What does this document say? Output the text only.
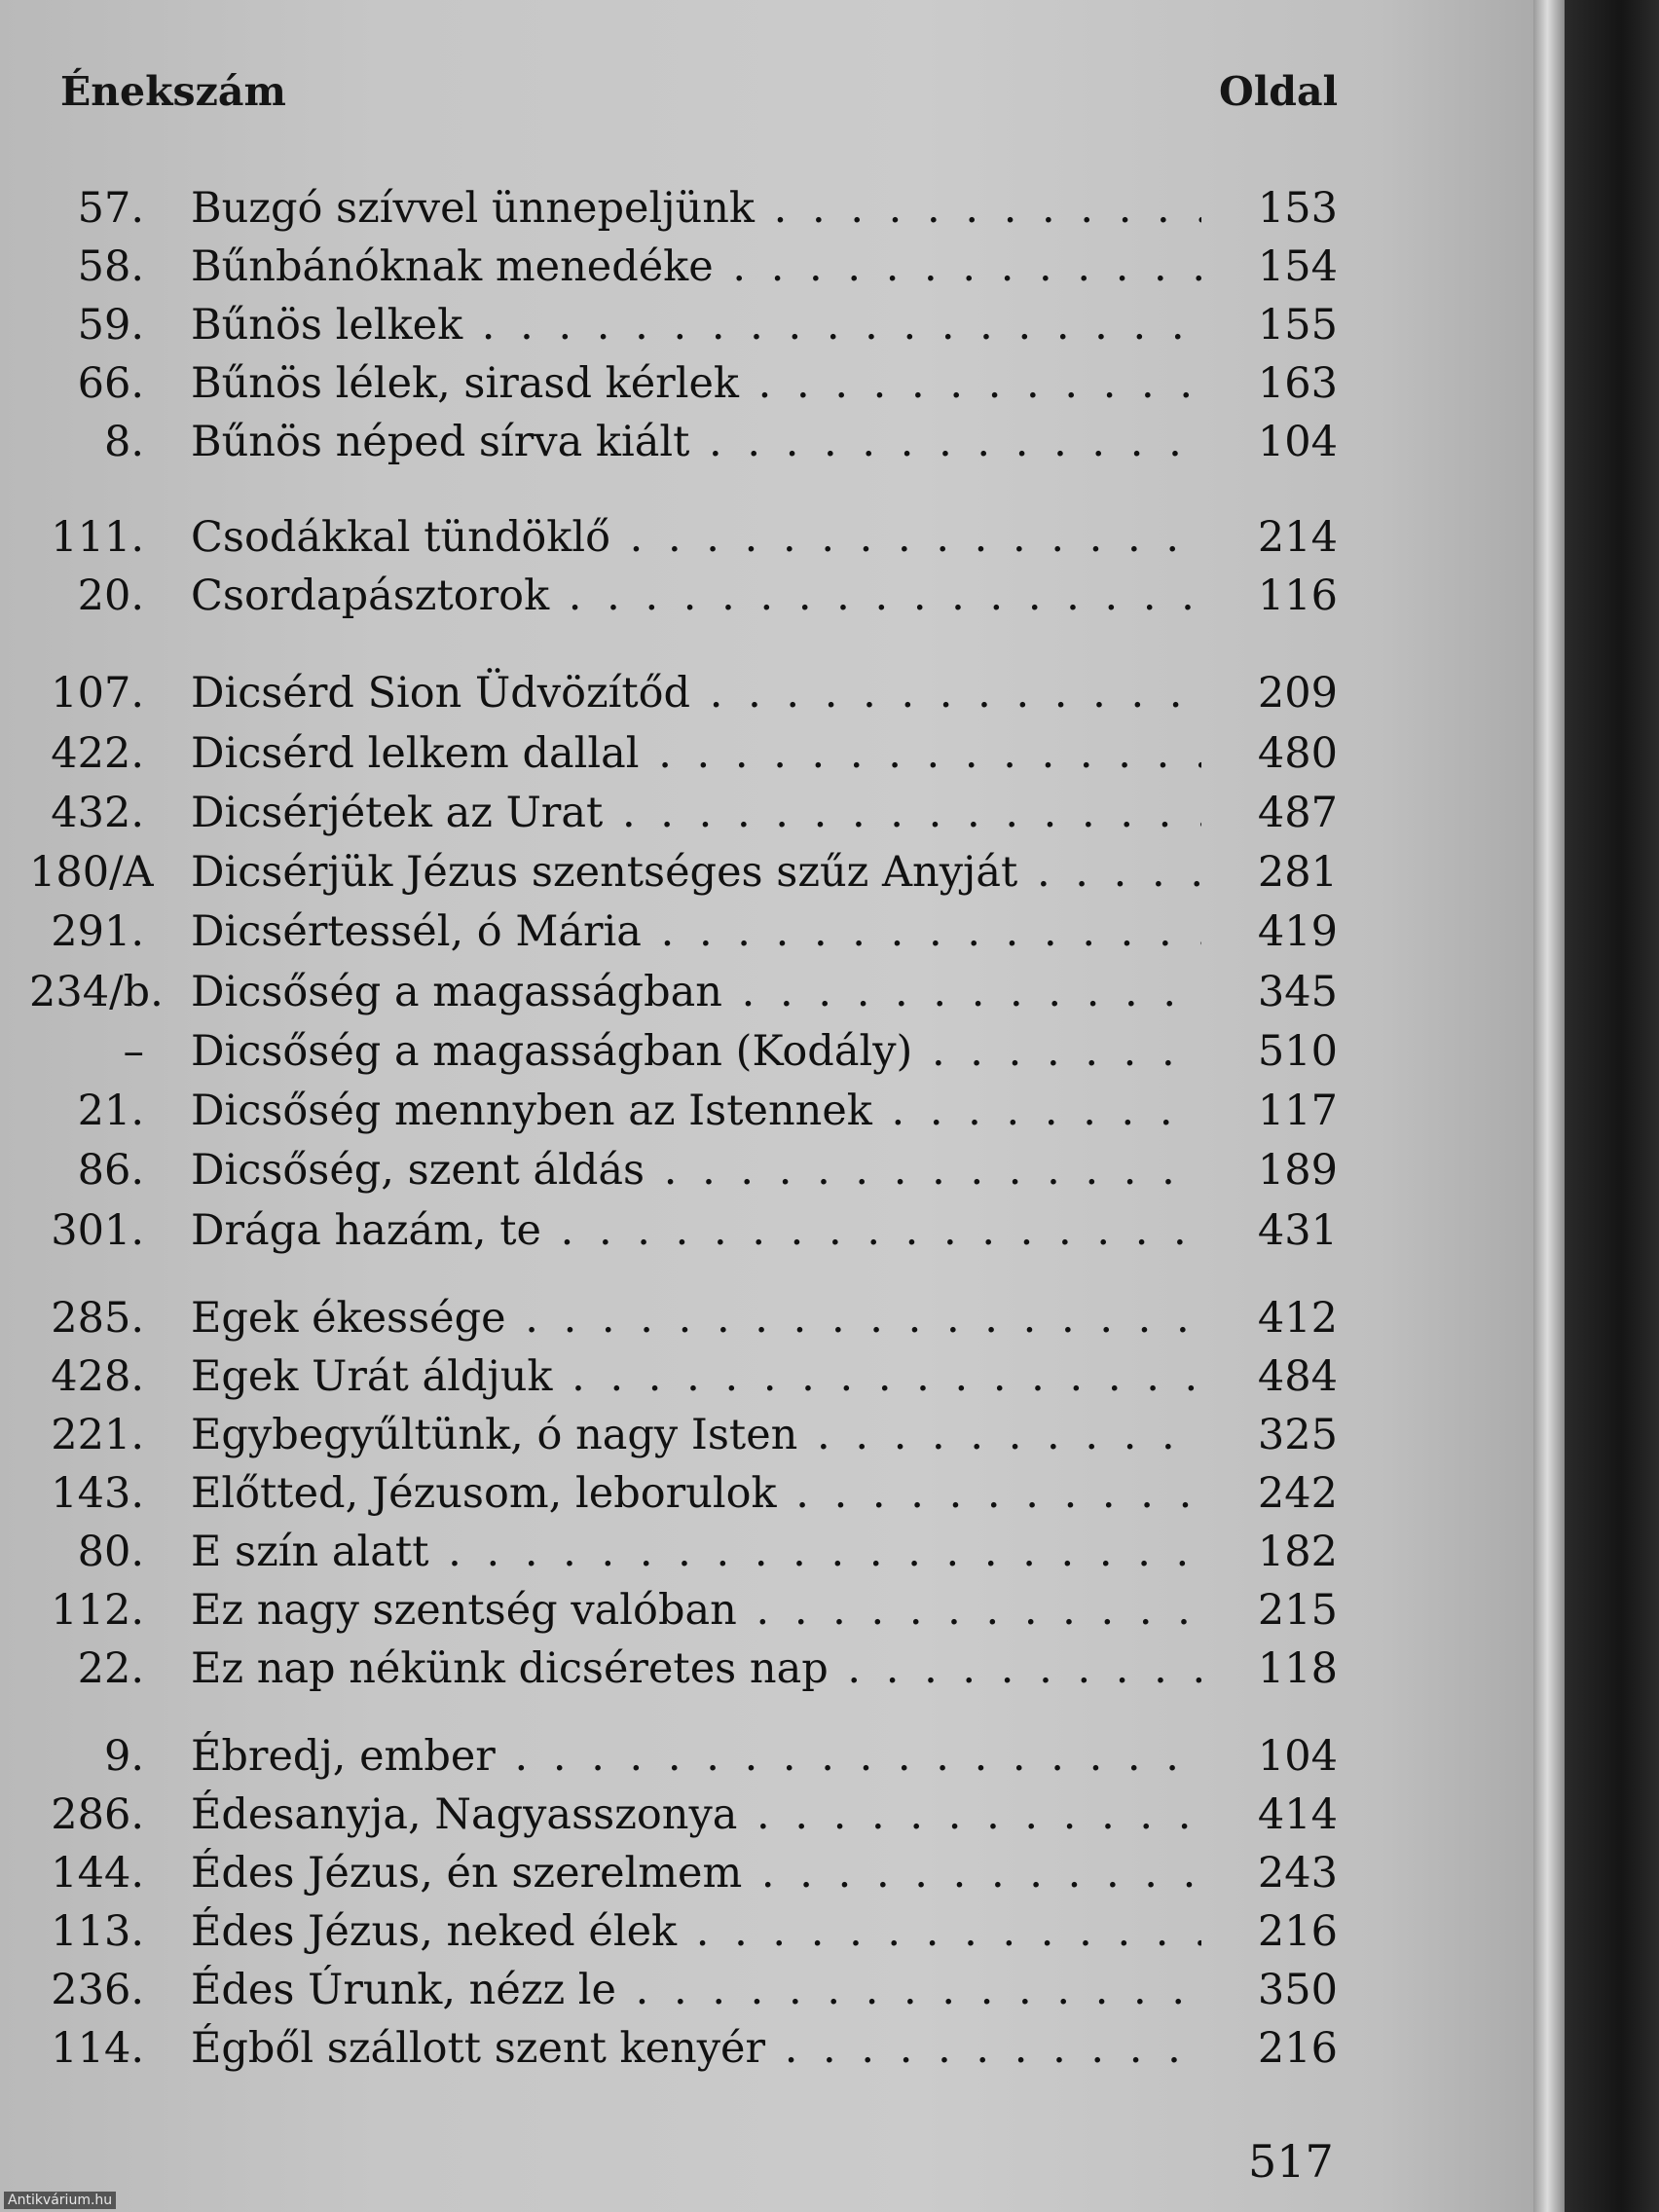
Énekszám	Oldal
57. Buzgó szívvel ünnepeljünk . . .	153
58. Bűnbánóknak menedéke . . .	154
59. Bűnös lelkek . . .	155
66. Bűnös lélek, sirasd kérlek . . .	163
8. Bűnös néped sírva kiált . . .	104
111. Csodákkal tündöklő . . .	214
20. Csordapásztorok . . .	116
107. Dicsérd Sion Üdvözítőd . . .	209
422. Dicsérd lelkem dallal . . .	480
432. Dicsérjétek az Urat . . .	487
180/A Dicsérjük Jézus szentséges szűz Anyját . . .	281
291. Dicsértessél, ó Mária . . .	419
234/b. Dicsőség a magasságban . . .	345
– Dicsőség a magasságban (Kodály) . . .	510
21. Dicsőség mennyben az Istennek . . .	117
86. Dicsőség, szent áldás . . .	189
301. Drága hazám, te . . .	431
285. Egek ékessége . . .	412
428. Egek Urát áldjuk . . .	484
221. Egybegyűltünk, ó nagy Isten . . .	325
143. Előtted, Jézusom, leborulok . . .	242
80. E szín alatt . . .	182
112. Ez nagy szentség valóban . . .	215
22. Ez nap nékünk dicséretes nap . . .	118
9. Ébredj, ember . . .	104
286. Édesanyja, Nagyasszonya . . .	414
144. Édes Jézus, én szerelmem . . .	243
113. Édes Jézus, neked élek . . .	216
236. Édes Úrunk, nézz le . . .	350
114. Égből szállott szent kenyér . . .	216
517
Antikvárium.hu
